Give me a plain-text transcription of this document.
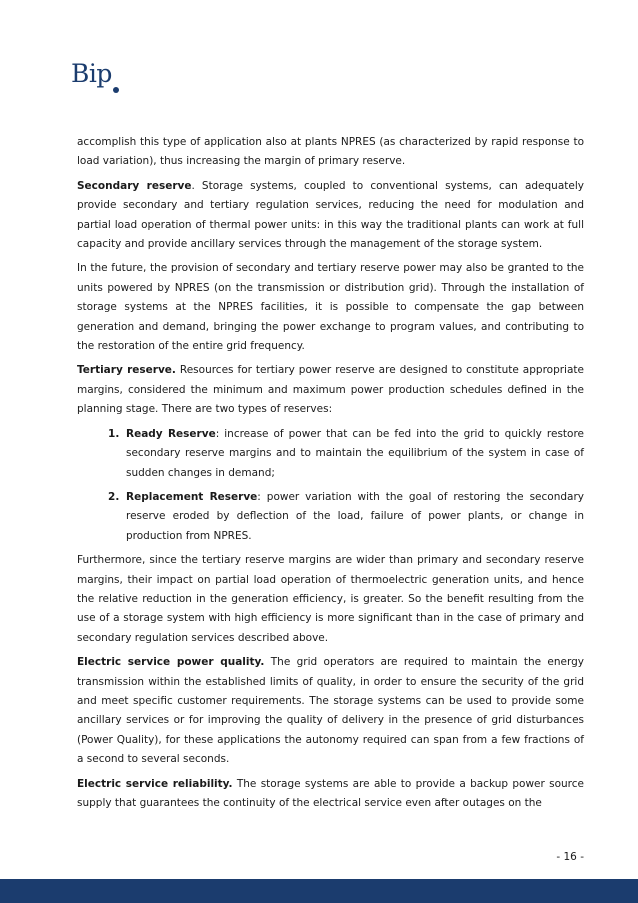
Bip

accomplish this type of application also at plants NPRES (as characterized by rapid response to load variation), thus increasing the margin of primary reserve.

Secondary reserve. Storage systems, coupled to conventional systems, can adequately provide secondary and tertiary regulation services, reducing the need for modulation and partial load operation of thermal power units: in this way the traditional plants can work at full capacity and provide ancillary services through the management of the storage system.

In the future, the provision of secondary and tertiary reserve power may also be granted to the units powered by NPRES (on the transmission or distribution grid). Through the installation of storage systems at the NPRES facilities, it is possible to compensate the gap between generation and demand, bringing the power exchange to program values, and contributing to the restoration of the entire grid frequency.

Tertiary reserve. Resources for tertiary power reserve are designed to constitute appropriate margins, considered the minimum and maximum power production schedules defined in the planning stage. There are two types of reserves:

1. Ready Reserve: increase of power that can be fed into the grid to quickly restore secondary reserve margins and to maintain the equilibrium of the system in case of sudden changes in demand;
2. Replacement Reserve: power variation with the goal of restoring the secondary reserve eroded by deflection of the load, failure of power plants, or change in production from NPRES.

Furthermore, since the tertiary reserve margins are wider than primary and secondary reserve margins, their impact on partial load operation of thermoelectric generation units, and hence the relative reduction in the generation efficiency, is greater. So the benefit resulting from the use of a storage system with high efficiency is more significant than in the case of primary and secondary regulation services described above.

Electric service power quality. The grid operators are required to maintain the energy transmission within the established limits of quality, in order to ensure the security of the grid and meet specific customer requirements. The storage systems can be used to provide some ancillary services or for improving the quality of delivery in the presence of grid disturbances (Power Quality), for these applications the autonomy required can span from a few fractions of a second to several seconds.

Electric service reliability. The storage systems are able to provide a backup power source supply that guarantees the continuity of the electrical service even after outages on the

- 16 -
